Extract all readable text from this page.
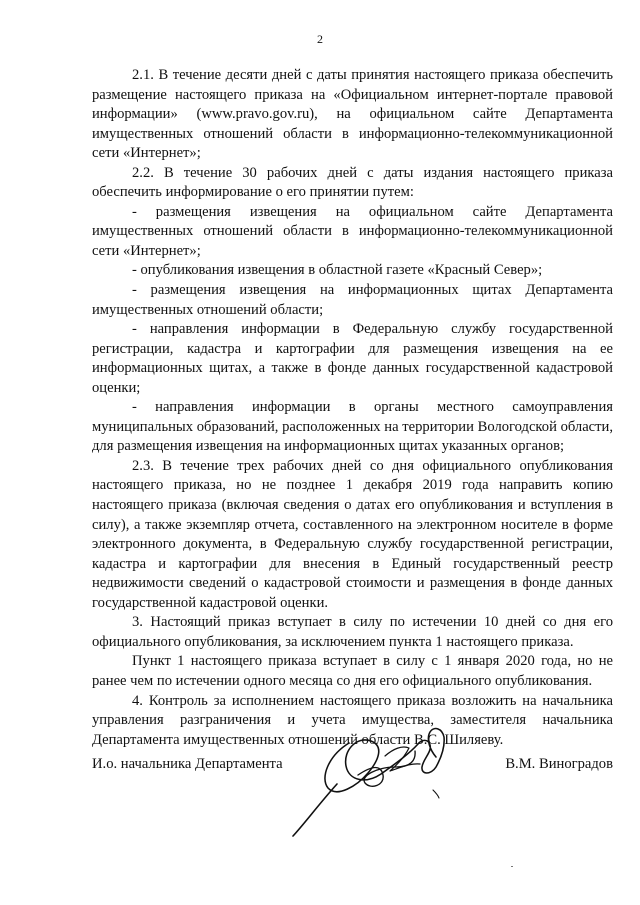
2

2.1. В течение десяти дней с даты принятия настоящего приказа обеспечить размещение настоящего приказа на «Официальном интернет-портале правовой информации» (www.pravo.gov.ru), на официальном сайте Департамента имущественных отношений области в информационно-телекоммуникационной сети «Интернет»;

2.2. В течение 30 рабочих дней с даты издания настоящего приказа обеспечить информирование о его принятии путем:

- размещения извещения на официальном сайте Департамента имущественных отношений области в информационно-телекоммуникационной сети «Интернет»;

- опубликования извещения в областной газете «Красный Север»;

- размещения извещения на информационных щитах Департамента имущественных отношений области;

- направления информации в Федеральную службу государственной регистрации, кадастра и картографии для размещения извещения на ее информационных щитах, а также в фонде данных государственной кадастровой оценки;

- направления информации в органы местного самоуправления муниципальных образований, расположенных на территории Вологодской области, для размещения извещения на информационных щитах указанных органов;

2.3. В течение трех рабочих дней со дня официального опубликования настоящего приказа, но не позднее 1 декабря 2019 года направить копию настоящего приказа (включая сведения о датах его опубликования и вступления в силу), а также экземпляр отчета, составленного на электронном носителе в форме электронного документа, в Федеральную службу государственной регистрации, кадастра и картографии для внесения в Единый государственный реестр недвижимости сведений о кадастровой стоимости и размещения в фонде данных государственной кадастровой оценки.

3. Настоящий приказ вступает в силу по истечении 10 дней со дня его официального опубликования, за исключением пункта 1 настоящего приказа.

Пункт 1 настоящего приказа вступает в силу с 1 января 2020 года, но не ранее чем по истечении одного месяца со дня его официального опубликования.

4. Контроль за исполнением настоящего приказа возложить на начальника управления разграничения и учета имущества, заместителя начальника Департамента имущественных отношений области В.С. Шиляеву.

И.о. начальника Департамента	В.М. Виноградов
